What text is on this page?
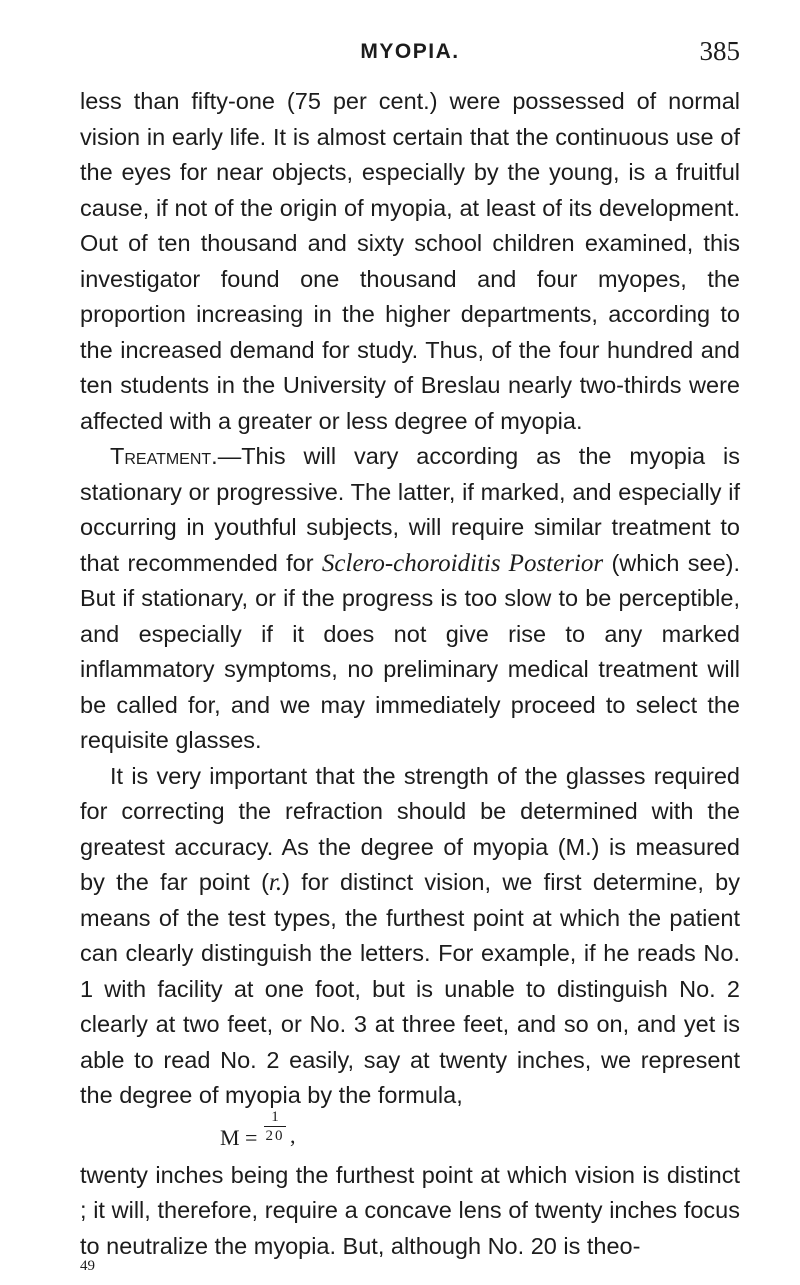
MYOPIA.	385

less than fifty-one (75 per cent.) were possessed of normal vision in early life. It is almost certain that the continuous use of the eyes for near objects, especially by the young, is a fruitful cause, if not of the origin of myopia, at least of its development. Out of ten thousand and sixty school children examined, this investigator found one thousand and four myopes, the proportion increasing in the higher departments, according to the increased demand for study. Thus, of the four hundred and ten students in the University of Breslau nearly two-thirds were affected with a greater or less degree of myopia.

Treatment.—This will vary according as the myopia is stationary or progressive. The latter, if marked, and especially if occurring in youthful subjects, will require similar treatment to that recommended for Sclero-choroiditis Posterior (which see). But if stationary, or if the progress is too slow to be perceptible, and especially if it does not give rise to any marked inflammatory symptoms, no preliminary medical treatment will be called for, and we may immediately proceed to select the requisite glasses.

It is very important that the strength of the glasses required for correcting the refraction should be determined with the greatest accuracy. As the degree of myopia (M.) is measured by the far point (r.) for distinct vision, we first determine, by means of the test types, the furthest point at which the patient can clearly distinguish the letters. For example, if he reads No. 1 with facility at one foot, but is unable to distinguish No. 2 clearly at two feet, or No. 3 at three feet, and so on, and yet is able to read No. 2 easily, say at twenty inches, we represent the degree of myopia by the formula,

$M = \frac{1}{20}$ ,

twenty inches being the furthest point at which vision is distinct ; it will, therefore, require a concave lens of twenty inches focus to neutralize the myopia. But, although No. 20 is theo-

49
